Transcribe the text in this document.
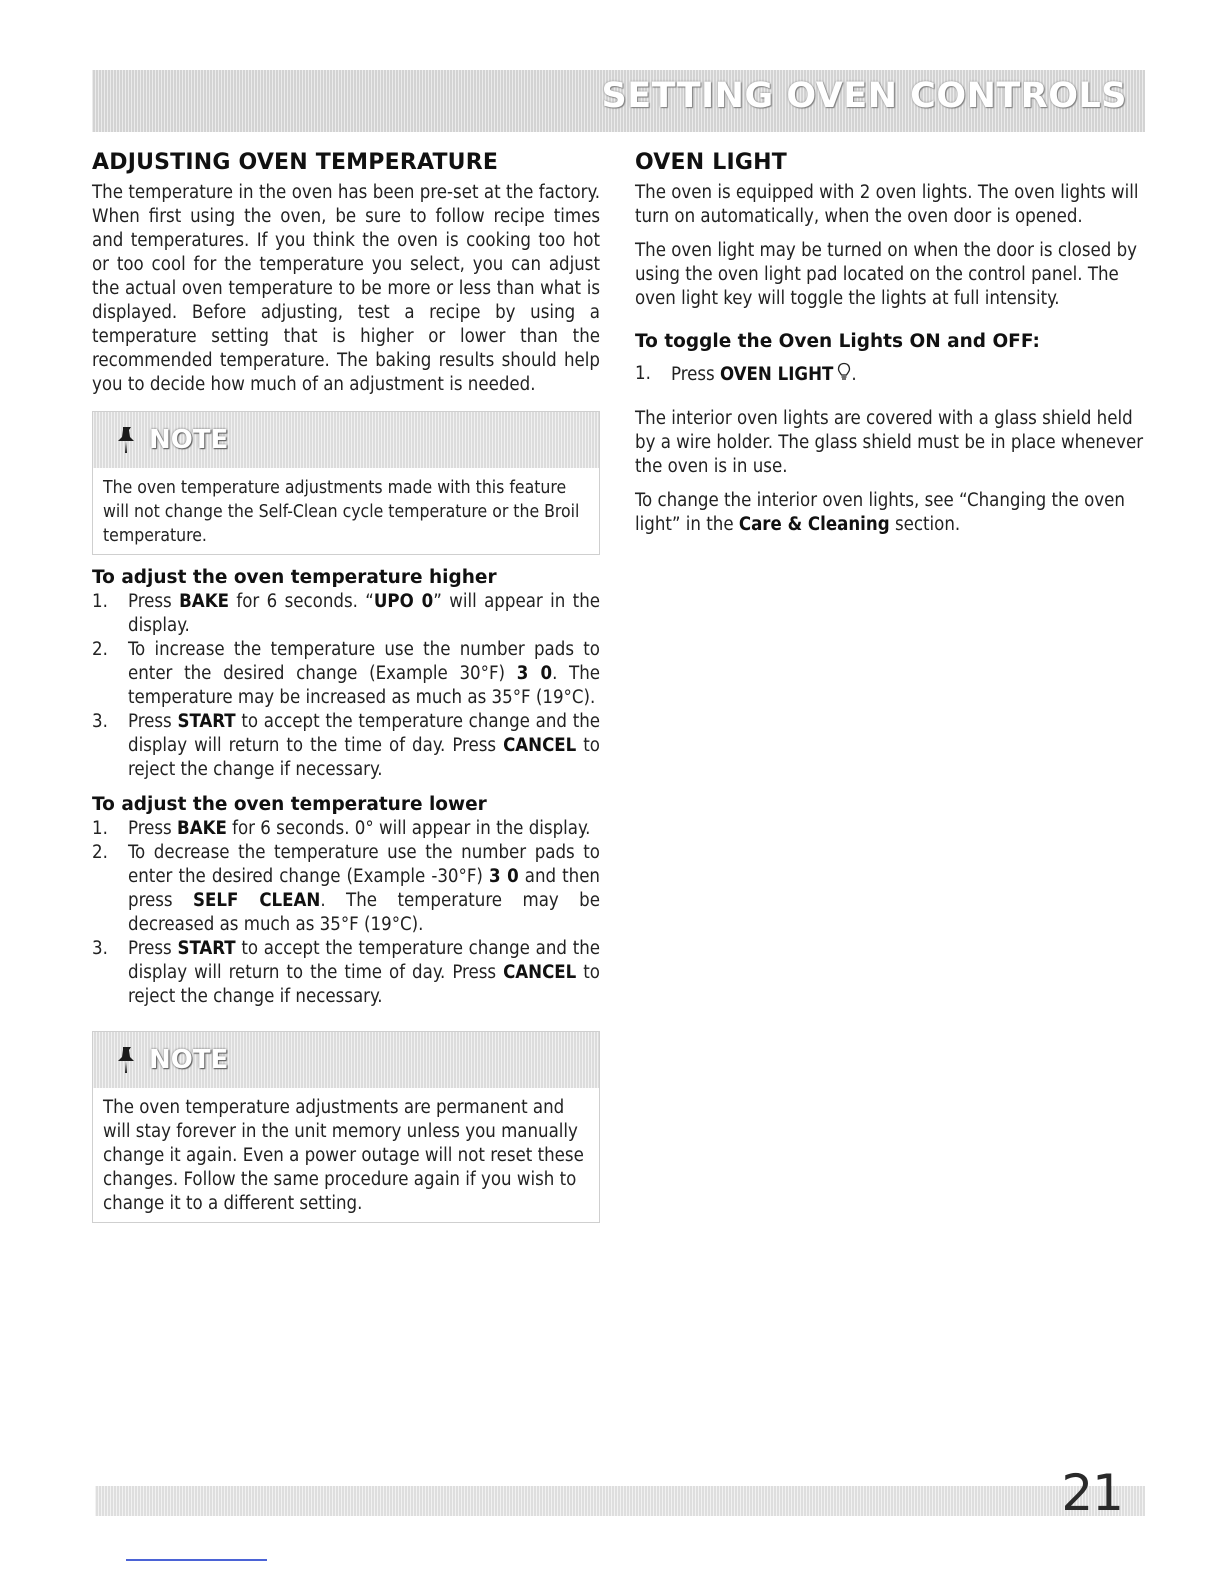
SETTING OVEN CONTROLS
ADJUSTING OVEN TEMPERATURE

The temperature in the oven has been pre-set at the factory. When first using the oven, be sure to follow recipe times and temperatures. If you think the oven is cooking too hot or too cool for the temperature you select, you can adjust the actual oven temperature to be more or less than what is displayed. Before adjusting, test a recipe by using a temperature setting that is higher or lower than the recommended temperature. The baking results should help you to decide how much of an adjustment is needed.

NOTE

The oven temperature adjustments made with this feature will not change the Self-Clean cycle temperature or the Broil temperature.

To adjust the oven temperature higher
1. Press BAKE for 6 seconds. “UPO 0” will appear in the display.
2. To increase the temperature use the number pads to enter the desired change (Example 30°F) 3 0. The temperature may be increased as much as 35°F (19°C).
3. Press START to accept the temperature change and the display will return to the time of day. Press CANCEL to reject the change if necessary.
To adjust the oven temperature lower
1. Press BAKE for 6 seconds. 0° will appear in the display.
2. To decrease the temperature use the number pads to enter the desired change (Example -30°F) 3 0 and then press SELF CLEAN. The temperature may be decreased as much as 35°F (19°C).
3. Press START to accept the temperature change and the display will return to the time of day. Press CANCEL to reject the change if necessary.
NOTE

The oven temperature adjustments are permanent and will stay forever in the unit memory unless you manually change it again. Even a power outage will not reset these changes. Follow the same procedure again if you wish to change it to a different setting.

OVEN LIGHT

The oven is equipped with 2 oven lights. The oven lights will turn on automatically, when the oven door is opened.

The oven light may be turned on when the door is closed by using the oven light pad located on the control panel. The oven light key will toggle the lights at full intensity.

To toggle the Oven Lights ON and OFF:
1. Press OVEN LIGHT .

The interior oven lights are covered with a glass shield held by a wire holder. The glass shield must be in place whenever the oven is in use.

To change the interior oven lights, see “Changing the oven light” in the Care & Cleaning section.

21
